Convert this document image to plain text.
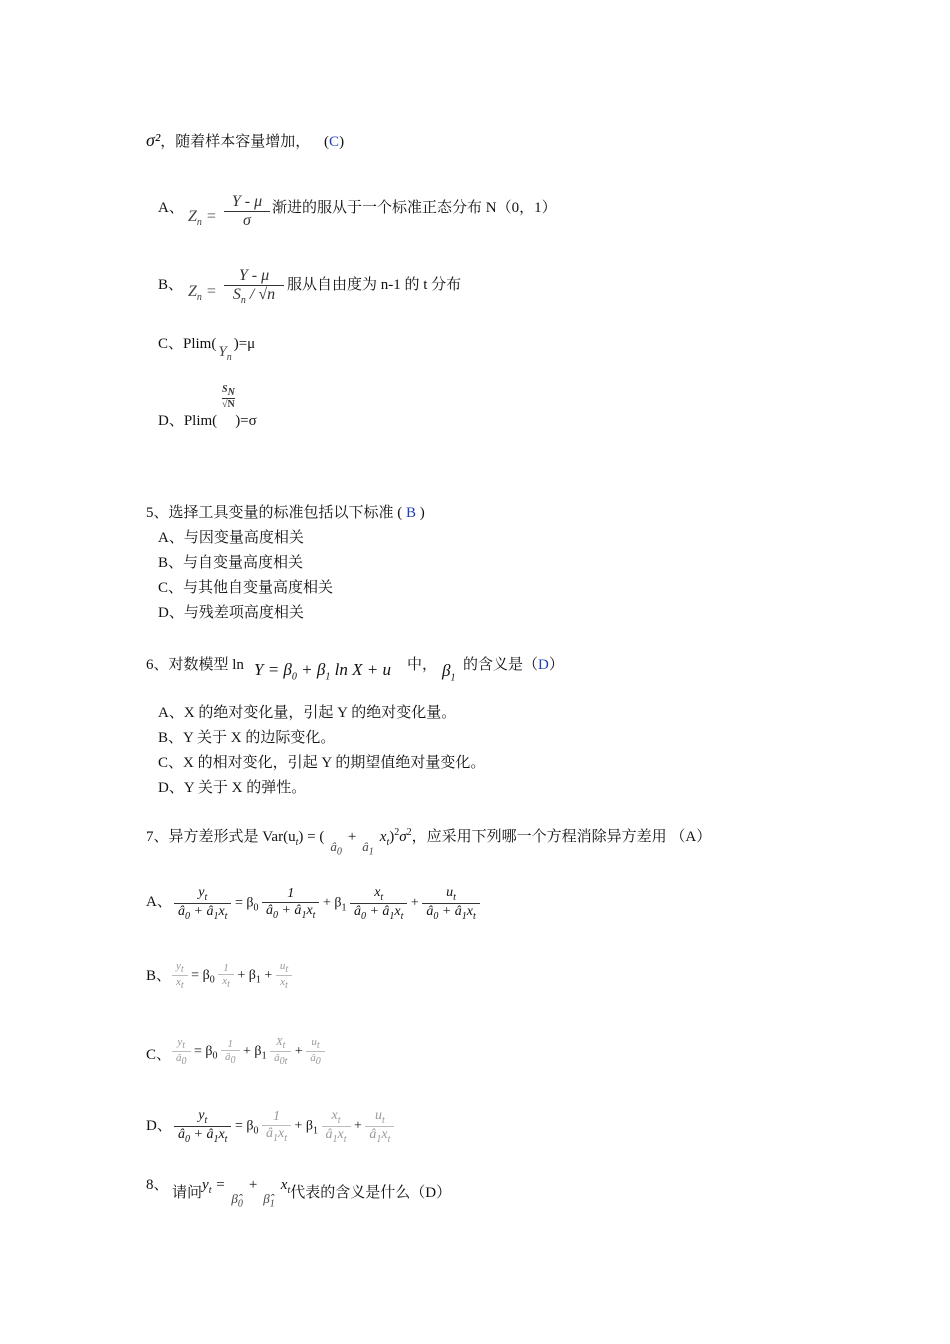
σ²，随着样本容量增加， (C)
A、 $Z_n$ =
Y - μ
σ
渐进的服从于一个标准正态分布 N（0，1）
B、 $Z_n$ =
Y - μ
$S_n / √n$
服从自由度为 n-1 的 t 分布
C、Plim( $Y_n)=\mu$
$S_N$
√N
D、Plim( )=σ
5、选择工具变量的标准包括以下标准 ( B )
A、与因变量高度相关
B、与自变量高度相关
C、与其他自变量高度相关
D、与残差项高度相关
6、对数模型 $\ln Y = \beta_0 + \beta_1$ ln X + u 中， $\beta_1$
的含义是（D）
A、X 的绝对变化量，引起 Y 的绝对变化量。
B、Y 关于 X 的边际变化。
C、X 的相对变化，引起 Y 的期望值绝对量变化。
D、Y 关于 X 的弹性。
7、异方差形式是 $Var(u_t)$ = $(â_0+â_1x_t)^2\sigma^2$，应采用下列哪一个方程消除异方差用 （A）
A、 $\frac{y_t}{â_0 + â_1x_t} = \beta_0 \frac{1}{â_0 + â_1x_t} + \beta_1 \frac{x_t}{â_0 + â_1x_t} + \frac{u_t}{â_0 + â_1x_t}$
B、 $\frac{y_t}{x_t} = \beta_0 \frac{1}{x_t} + \beta_1 + \frac{u_t}{x_t}$
C、 $\frac{y_t}{â_0} = \beta_0 \frac{1}{â_0} + \beta_1 \frac{X_t}{â_{0t}} + \frac{u_t}{â_0}$
D、 $\frac{y_t}{â_0 + â_1x_t} = \beta_0 \frac{1}{â_1x_t} + \beta_1 \frac{x_t}{â_1x_t} + \frac{u_t}{â_1x_t}$
8、 请问$y_t$ $=\betâ_0+\betâ_1x_t$代表的含义是什么（D）
